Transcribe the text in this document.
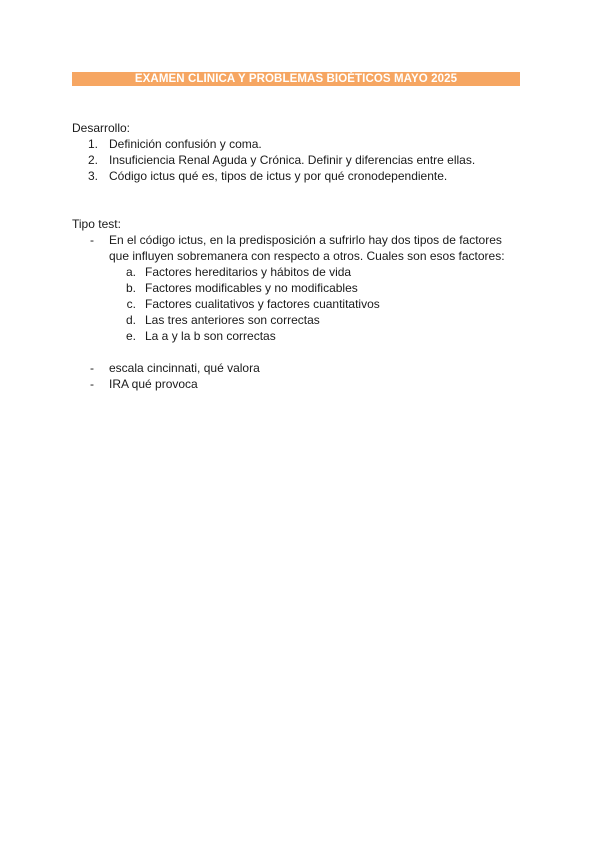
EXAMEN CLINICA Y PROBLEMAS BIOÉTICOS MAYO 2025
Desarrollo:
1. Definición confusión y coma.
2. Insuficiencia Renal Aguda y Crónica. Definir y diferencias entre ellas.
3. Código ictus qué es, tipos de ictus y por qué cronodependiente.
Tipo test:
- En el código ictus, en la predisposición a sufrirlo hay dos tipos de factores
que influyen sobremanera con respecto a otros. Cuales son esos factores:
a. Factores hereditarios y hábitos de vida
b. Factores modificables y no modificables
c. Factores cualitativos y factores cuantitativos
d. Las tres anteriores son correctas
e. La a y la b son correctas
- escala cincinnati, qué valora
- IRA qué provoca
